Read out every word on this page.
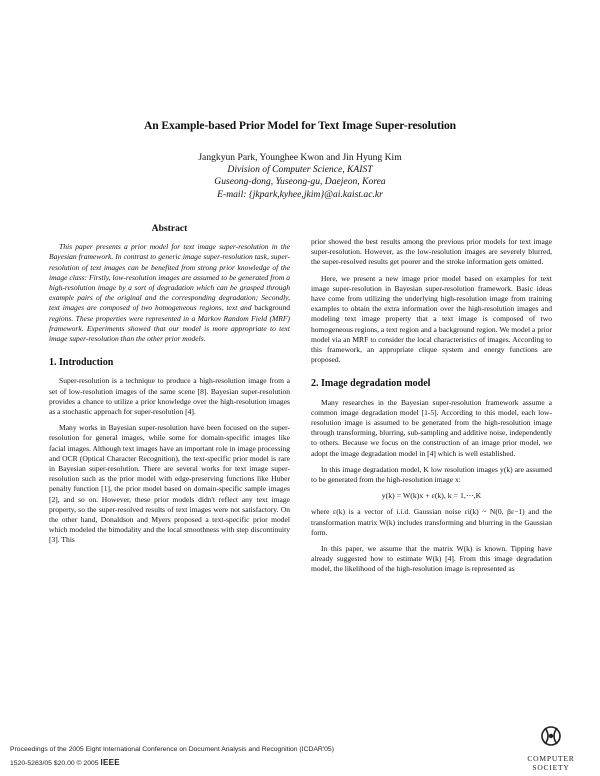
An Example-based Prior Model for Text Image Super-resolution
Jangkyun Park, Younghee Kwon and Jin Hyung Kim
Division of Computer Science, KAIST
Guseong-dong, Yuseong-gu, Daejeon, Korea
E-mail: {jkpark,kyhee,jkim}@ai.kaist.ac.kr
Abstract

This paper presents a prior model for text image super-resolution in the Bayesian framework. In contrast to generic image super-resolution task, super-resolution of text images can be benefited from strong prior knowledge of the image class: Firstly, low-resolution images are assumed to be generated from a high-resolution image by a sort of degradation which can be grasped through example pairs of the original and the corresponding degradation; Secondly, text images are composed of two homogeneous regions, text and background regions. These properties were represented in a Markov Random Field (MRF) framework. Experiments showed that our model is more appropriate to text image super-resolution than the other prior models.

1. Introduction

Super-resolution is a technique to produce a high-resolution image from a set of low-resolution images of the same scene [8]. Bayesian super-resolution provides a chance to utilize a prior knowledge over the high-resolution images as a stochastic approach for super-resolution [4].

Many works in Bayesian super-resolution have been focused on the super-resolution for general images, while some for domain-specific images like facial images. Although text images have an important role in image processing and OCR (Optical Character Recognition), the text-specific prior model is rare in Bayesian super-resolution. There are several works for text image super-resolution such as the prior model with edge-preserving functions like Huber penalty function [1], the prior model based on domain-specific sample images [2], and so on. However, these prior models didn't reflect any text image property, so the super-resolved results of text images were not satisfactory. On the other hand, Donaldson and Myers proposed a text-specific prior model which modeled the bimodality and the local smoothness with step discontinuity [3]. This

prior showed the best results among the previous prior models for text image super-resolution. However, as the low-resolution images are severely blurred, the super-resolved results get poorer and the stroke information gets omitted.

Here, we present a new image prior model based on examples for text image super-resolution in Bayesian super-resolution framework. Basic ideas have come from utilizing the underlying high-resolution image from training examples to obtain the extra information over the high-resolution images and modeling text image property that a text image is composed of two homogeneous regions, a text region and a background region. We model a prior model via an MRF to consider the local characteristics of images. According to this framework, an appropriate clique system and energy functions are proposed.

2. Image degradation model

Many researches in the Bayesian super-resolution framework assume a common image degradation model [1-5]. According to this model, each low-resolution image is assumed to be generated from the high-resolution image through transforming, blurring, sub-sampling and additive noise, independently to others. Because we focus on the construction of an image prior model, we adopt the image degradation model in [4] which is well established.

In this image degradation model, K low resolution images y(k) are assumed to be generated from the high-resolution image x:

y(k) = W(k)x + ε(k), k = 1,⋯,K

where ε(k) is a vector of i.i.d. Gaussian noise εi(k) ~ N(0, βε−1) and the transformation matrix W(k) includes transforming and blurring in the Gaussian form.

In this paper, we assume that the matrix W(k) is known. Tipping have already suggested how to estimate W(k) [4]. From this image degradation model, the likelihood of the high-resolution image is represented as

Proceedings of the 2005 Eight International Conference on Document Analysis and Recognition (ICDAR'05)
1520-5263/05 $20.00 © 2005 IEEE	COMPUTER SOCIETY
